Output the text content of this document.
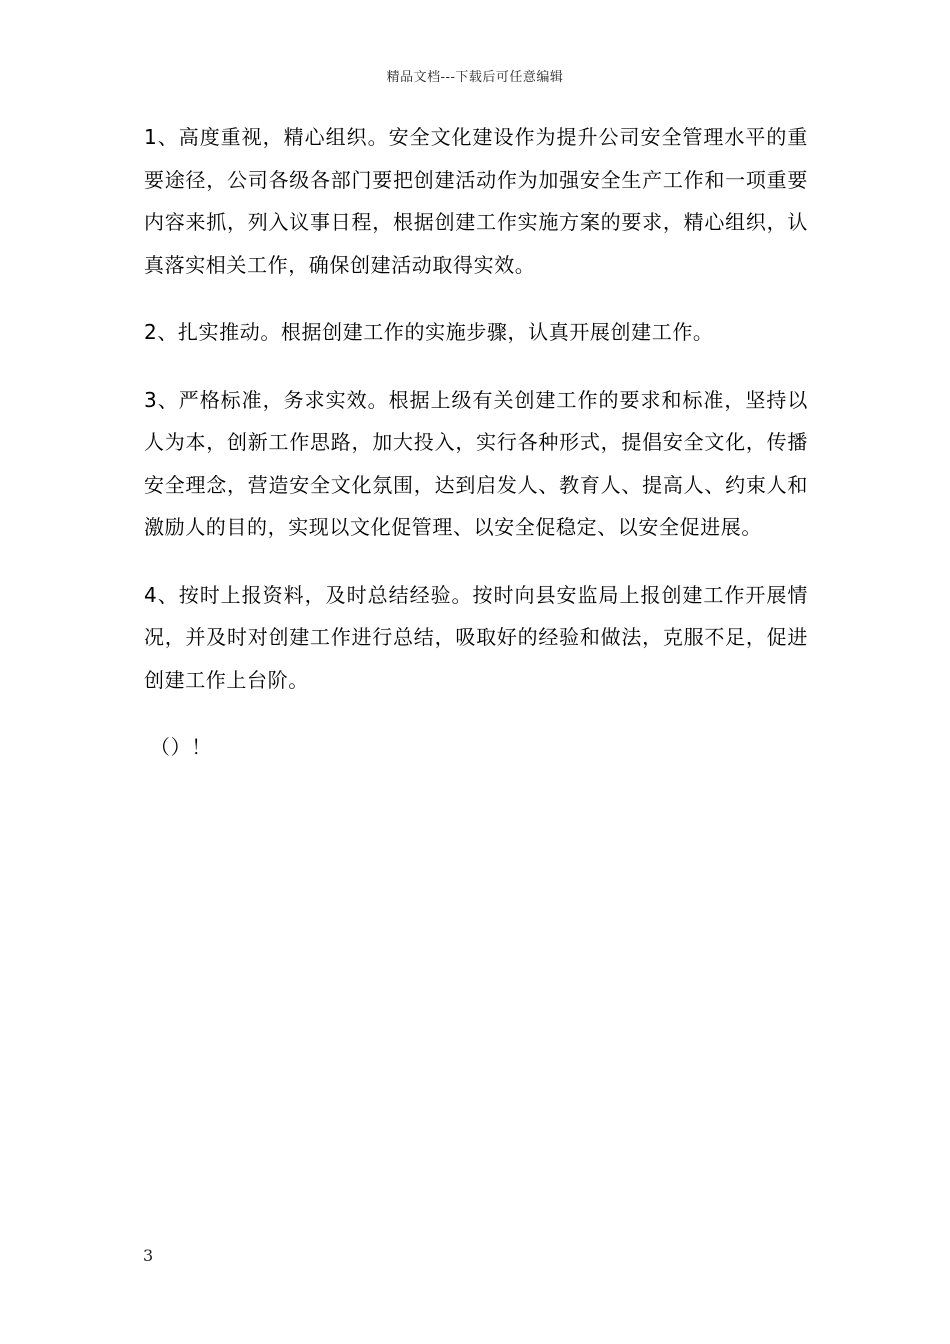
精品文档---下载后可任意编辑

1、高度重视，精心组织。安全文化建设作为提升公司安全管理水平的重要途径，公司各级各部门要把创建活动作为加强安全生产工作和一项重要内容来抓，列入议事日程，根据创建工作实施方案的要求，精心组织，认真落实相关工作，确保创建活动取得实效。

2、扎实推动。根据创建工作的实施步骤，认真开展创建工作。

3、严格标准，务求实效。根据上级有关创建工作的要求和标准，坚持以人为本，创新工作思路，加大投入，实行各种形式，提倡安全文化，传播安全理念，营造安全文化氛围，达到启发人、教育人、提高人、约束人和激励人的目的，实现以文化促管理、以安全促稳定、以安全促进展。

4、按时上报资料，及时总结经验。按时向县安监局上报创建工作开展情况，并及时对创建工作进行总结，吸取好的经验和做法，克服不足，促进创建工作上台阶。

（）！

3
